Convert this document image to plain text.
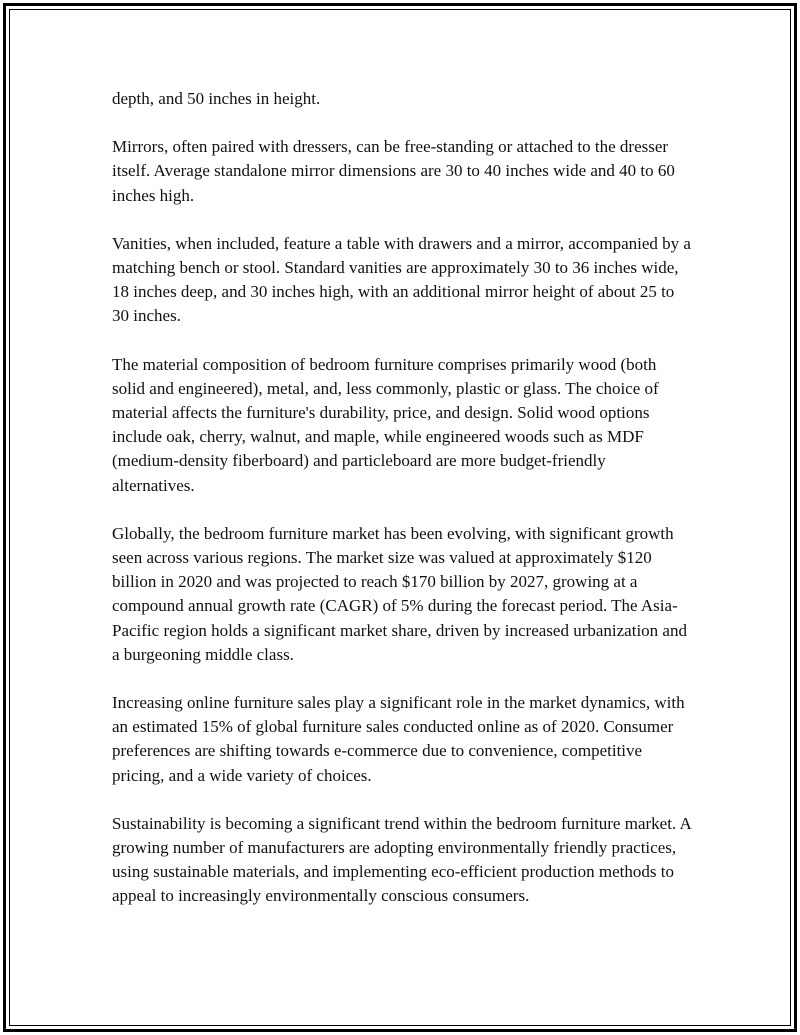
depth, and 50 inches in height.

Mirrors, often paired with dressers, can be free-standing or attached to the dresser itself. Average standalone mirror dimensions are 30 to 40 inches wide and 40 to 60 inches high.

Vanities, when included, feature a table with drawers and a mirror, accompanied by a matching bench or stool. Standard vanities are approximately 30 to 36 inches wide, 18 inches deep, and 30 inches high, with an additional mirror height of about 25 to 30 inches.

The material composition of bedroom furniture comprises primarily wood (both solid and engineered), metal, and, less commonly, plastic or glass. The choice of material affects the furniture's durability, price, and design. Solid wood options include oak, cherry, walnut, and maple, while engineered woods such as MDF (medium-density fiberboard) and particleboard are more budget-friendly alternatives.

Globally, the bedroom furniture market has been evolving, with significant growth seen across various regions. The market size was valued at approximately $120 billion in 2020 and was projected to reach $170 billion by 2027, growing at a compound annual growth rate (CAGR) of 5% during the forecast period. The Asia-Pacific region holds a significant market share, driven by increased urbanization and a burgeoning middle class.

Increasing online furniture sales play a significant role in the market dynamics, with an estimated 15% of global furniture sales conducted online as of 2020. Consumer preferences are shifting towards e-commerce due to convenience, competitive pricing, and a wide variety of choices.

Sustainability is becoming a significant trend within the bedroom furniture market. A growing number of manufacturers are adopting environmentally friendly practices, using sustainable materials, and implementing eco-efficient production methods to appeal to increasingly environmentally conscious consumers.
